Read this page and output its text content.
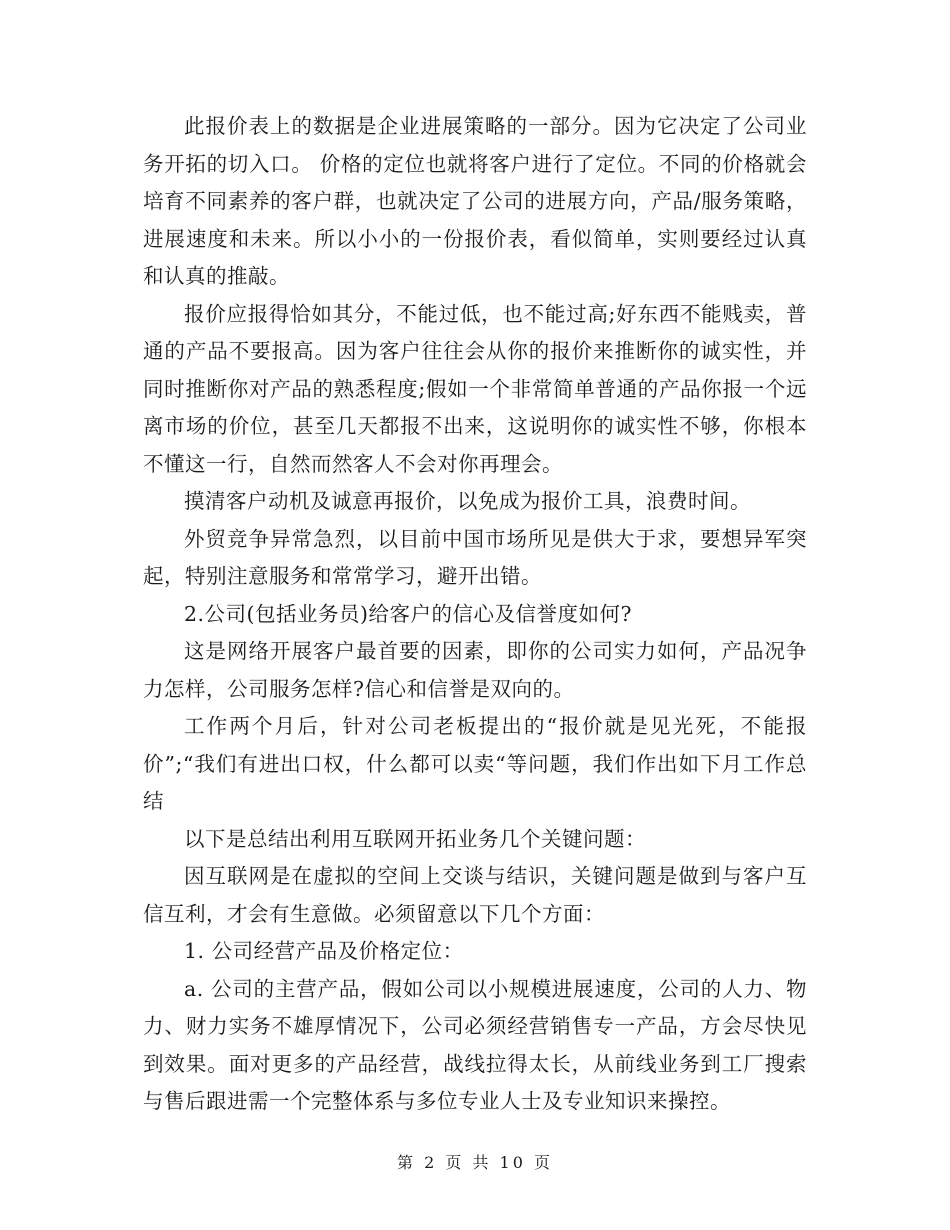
此报价表上的数据是企业进展策略的一部分。因为它决定了公司业务开拓的切入口。 价格的定位也就将客户进行了定位。不同的价格就会培育不同素养的客户群，也就决定了公司的进展方向，产品/服务策略， 进展速度和未来。所以小小的一份报价表，看似简单，实则要经过认真和认真的推敲。

报价应报得恰如其分，不能过低，也不能过高;好东西不能贱卖，普通的产品不要报高。因为客户往往会从你的报价来推断你的诚实性，并同时推断你对产品的熟悉程度;假如一个非常简单普通的产品你报一个远离市场的价位，甚至几天都报不出来，这说明你的诚实性不够，你根本不懂这一行，自然而然客人不会对你再理会。

摸清客户动机及诚意再报价，以免成为报价工具，浪费时间。

外贸竞争异常急烈，以目前中国市场所见是供大于求，要想异军突起，特别注意服务和常常学习，避开出错。

2.公司(包括业务员)给客户的信心及信誉度如何?

这是网络开展客户最首要的因素，即你的公司实力如何，产品况争力怎样，公司服务怎样?信心和信誉是双向的。

工作两个月后，针对公司老板提出的“报价就是见光死，不能报价”;“我们有进出口权，什么都可以卖“等问题，我们作出如下月工作总结

以下是总结出利用互联网开拓业务几个关键问题：

因互联网是在虚拟的空间上交谈与结识，关键问题是做到与客户互信互利，才会有生意做。必须留意以下几个方面：

1. 公司经营产品及价格定位：

a. 公司的主营产品，假如公司以小规模进展速度，公司的人力、物力、财力实务不雄厚情况下，公司必须经营销售专一产品，方会尽快见到效果。面对更多的产品经营，战线拉得太长，从前线业务到工厂搜索与售后跟进需一个完整体系与多位专业人士及专业知识来操控。

第 2 页 共 10 页
